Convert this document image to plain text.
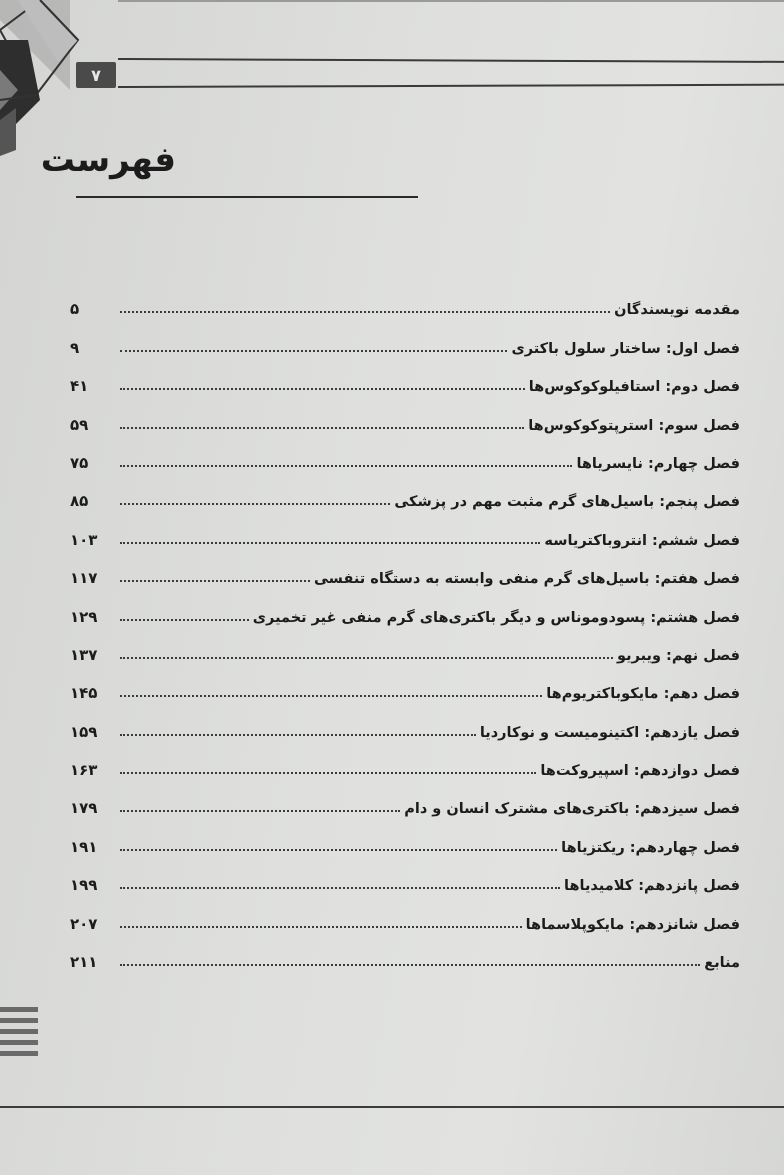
۷
فهرست
مقدمه نویسندگان
۵
فصل اول: ساختار سلول باکتری
۹
فصل دوم: استافیلوکوکوس‌ها
۴۱
فصل سوم: استرپتوکوکوس‌ها
۵۹
فصل چهارم: نایسریاها
۷۵
فصل پنجم: باسیل‌های گرم مثبت مهم در پزشکی
۸۵
فصل ششم: انتروباکتریاسه
۱۰۳
فصل هفتم: باسیل‌های گرم منفی وابسته به دستگاه تنفسی
۱۱۷
فصل هشتم: پسودوموناس و دیگر باکتری‌های گرم منفی غیر تخمیری
۱۲۹
فصل نهم: ویبریو
۱۳۷
فصل دهم: مایکوباکتریوم‌ها
۱۴۵
فصل یازدهم: اکتینومیست و نوکاردیا
۱۵۹
فصل دوازدهم: اسپیروکت‌ها
۱۶۳
فصل سیزدهم: باکتری‌های مشترک انسان و دام
۱۷۹
فصل چهاردهم: ریکتزیاها
۱۹۱
فصل پانزدهم: کلامیدیاها
۱۹۹
فصل شانزدهم: مایکوپلاسماها
۲۰۷
منابع
۲۱۱
